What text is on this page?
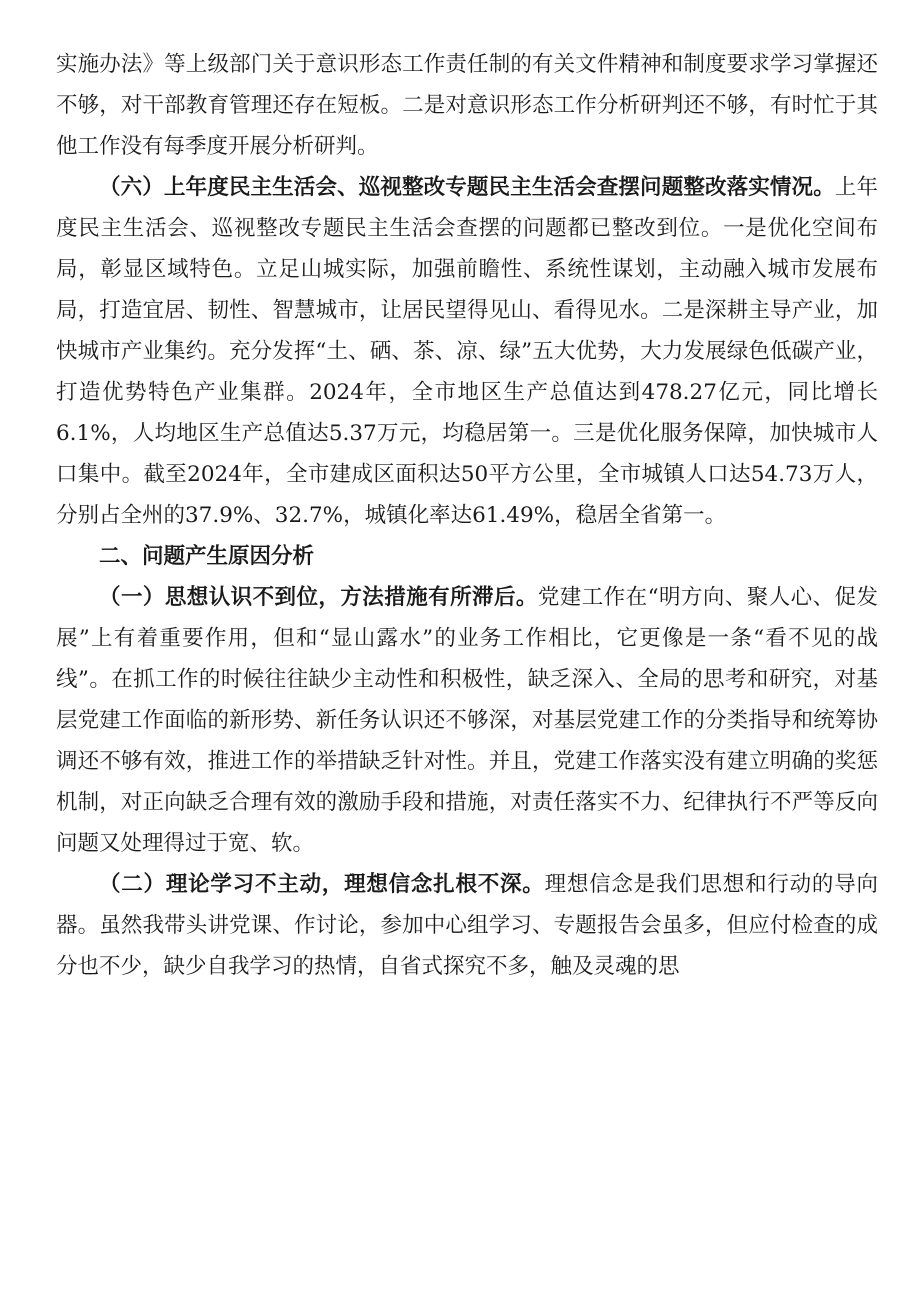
实施办法》等上级部门关于意识形态工作责任制的有关文件精神和制度要求学习掌握还不够，对干部教育管理还存在短板。二是对意识形态工作分析研判还不够，有时忙于其他工作没有每季度开展分析研判。

（六）上年度民主生活会、巡视整改专题民主生活会查摆问题整改落实情况。上年度民主生活会、巡视整改专题民主生活会查摆的问题都已整改到位。一是优化空间布局，彰显区域特色。立足山城实际，加强前瞻性、系统性谋划，主动融入城市发展布局，打造宜居、韧性、智慧城市，让居民望得见山、看得见水。二是深耕主导产业，加快城市产业集约。充分发挥“土、硒、茶、凉、绿”五大优势，大力发展绿色低碳产业，打造优势特色产业集群。2024年，全市地区生产总值达到478.27亿元，同比增长6.1%，人均地区生产总值达5.37万元，均稳居第一。三是优化服务保障，加快城市人口集中。截至2024年，全市建成区面积达50平方公里，全市城镇人口达54.73万人，分别占全州的37.9%、32.7%，城镇化率达61.49%，稳居全省第一。

二、问题产生原因分析

（一）思想认识不到位，方法措施有所滞后。党建工作在“明方向、聚人心、促发展”上有着重要作用，但和“显山露水”的业务工作相比，它更像是一条“看不见的战线”。在抓工作的时候往往缺少主动性和积极性，缺乏深入、全局的思考和研究，对基层党建工作面临的新形势、新任务认识还不够深，对基层党建工作的分类指导和统筹协调还不够有效，推进工作的举措缺乏针对性。并且，党建工作落实没有建立明确的奖惩机制，对正向缺乏合理有效的激励手段和措施，对责任落实不力、纪律执行不严等反向问题又处理得过于宽、软。

（二）理论学习不主动，理想信念扎根不深。理想信念是我们思想和行动的导向器。虽然我带头讲党课、作讨论，参加中心组学习、专题报告会虽多，但应付检查的成分也不少，缺少自我学习的热情，自省式探究不多，触及灵魂的思
